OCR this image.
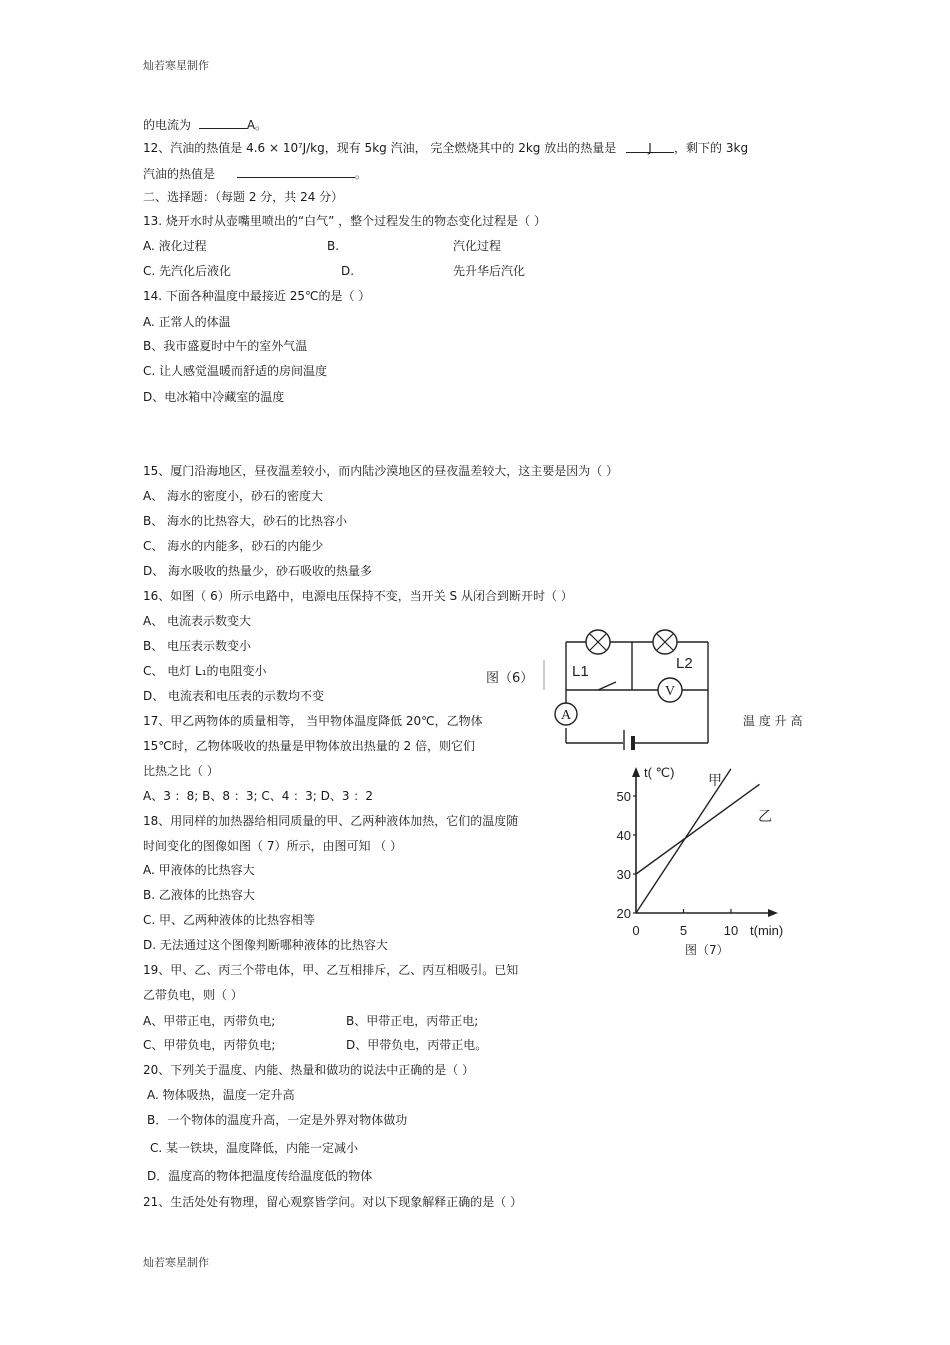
灿若寒星制作
灿若寒星制作
的电流为	A。
12、汽油的热值是 $4.6 \times 10^7J/kg$，现有 5kg 汽油， 完全燃烧其中的 2kg 放出的热量是	J ，剩下的 3kg
汽油的热值是	。
二、选择题：（每题 2 分，共 24 分）
13. 烧开水时从壶嘴里喷出的“白气” ，整个过程发生的物态变化过程是（ ）
A. 液化过程	B.	汽化过程
C. 先汽化后液化	D.	先升华后汽化
14. 下面各种温度中最接近 25℃的是（ ）
A. 正常人的体温
B、我市盛夏时中午的室外气温
C. 让人感觉温暖而舒适的房间温度
D、电冰箱中冷藏室的温度
15、厦门沿海地区，昼夜温差较小，而内陆沙漠地区的昼夜温差较大，这主要是因为（ ）
A、 海水的密度小，砂石的密度大
B、 海水的比热容大，砂石的比热容小
C、 海水的内能多，砂石的内能少
D、 海水吸收的热量少，砂石吸收的热量多
16、如图（ 6）所示电路中，电源电压保持不变，当开关 S 从闭合到断开时（ ）
A、 电流表示数变大
B、 电压表示数变小
C、 电灯 L₁的电阻变小
D、 电流表和电压表的示数均不变
17、甲乙两物体的质量相等， 当甲物体温度降低 20℃，乙物体	温 度 升 高
15℃时，乙物体吸收的热量是甲物体放出热量的 2 倍，则它们
比热之比（ ）
A、3 ：8; B、8 ：3; C、4 ：3; D、3 ：2
18、用同样的加热器给相同质量的甲、乙两种液体加热，它们的温度随
时间变化的图像如图（ 7）所示，由图可知 （ ）
A. 甲液体的比热容大
B. 乙液体的比热容大
C. 甲、乙两种液体的比热容相等
D. 无法通过这个图像判断哪种液体的比热容大
19、甲、乙、丙三个带电体，甲、乙互相排斥，乙、丙互相吸引。已知
乙带负电，则（ ）
A、甲带正电，丙带负电;	B、甲带正电，丙带正电;
C、甲带负电，丙带负电;	D、甲带负电，丙带正电。
20、下列关于温度、内能、热量和做功的说法中正确的是（ ）
A. 物体吸热，温度一定升高
B．一个物体的温度升高，一定是外界对物体做功
C. 某一铁块，温度降低，内能一定减小
D．温度高的物体把温度传给温度低的物体
21、生活处处有物理，留心观察皆学问。对以下现象解释正确的是（ ）
V
A
L1	L2
图（6）
20
30
40
50
0	5	10
t( ℃)
t(min)
甲
乙
图（7）
